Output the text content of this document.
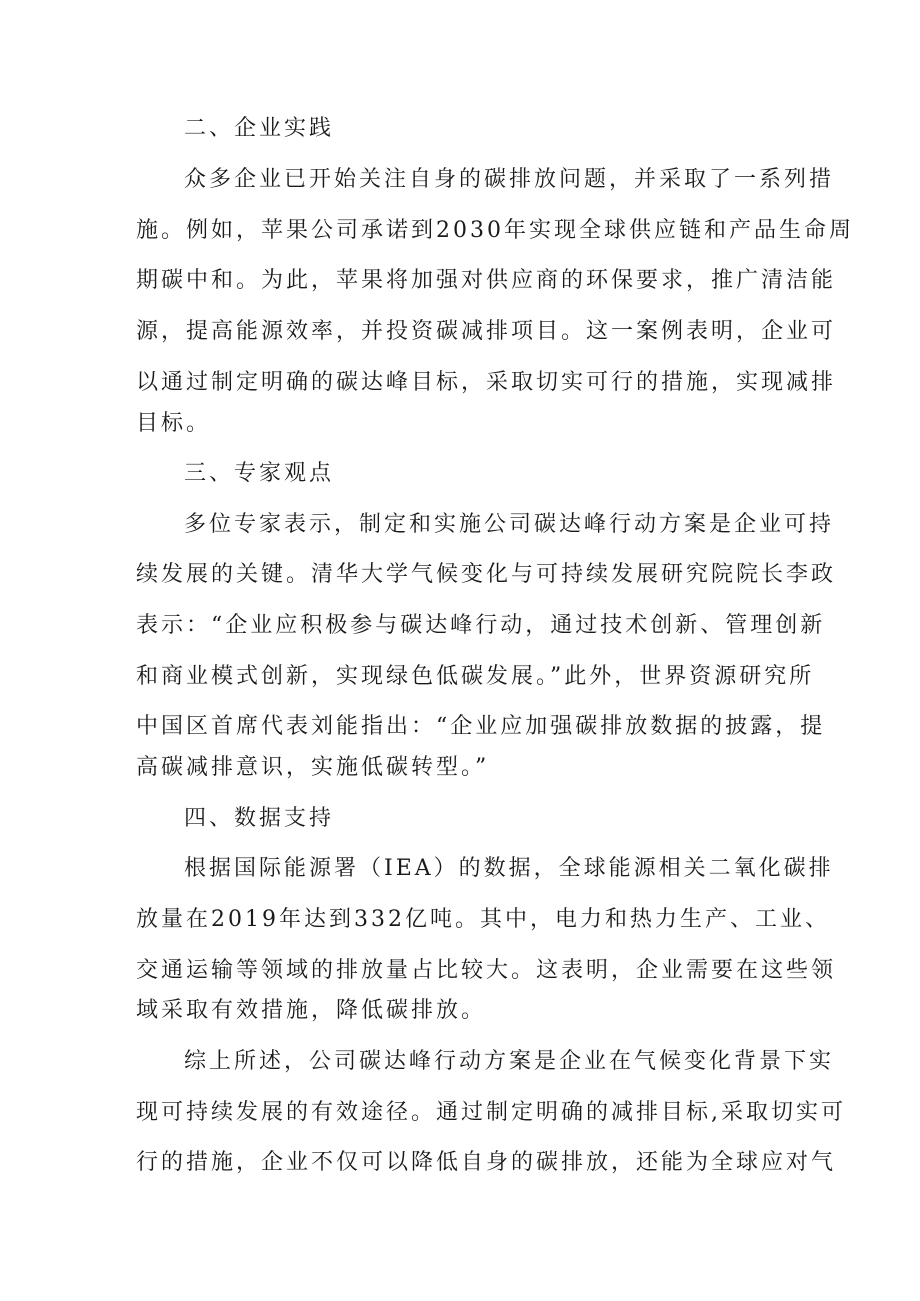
二、企业实践
众多企业已开始关注自身的碳排放问题，并采取了一系列措
施。例如，苹果公司承诺到2030年实现全球供应链和产品生命周
期碳中和。为此，苹果将加强对供应商的环保要求，推广清洁能
源，提高能源效率，并投资碳减排项目。这一案例表明，企业可
以通过制定明确的碳达峰目标，采取切实可行的措施，实现减排
目标。
三、专家观点
多位专家表示，制定和实施公司碳达峰行动方案是企业可持
续发展的关键。清华大学气候变化与可持续发展研究院院长李政
表示：“企业应积极参与碳达峰行动，通过技术创新、管理创新
和商业模式创新，实现绿色低碳发展。”此外，世界资源研究所
中国区首席代表刘能指出：“企业应加强碳排放数据的披露，提
高碳减排意识，实施低碳转型。”
四、数据支持
根据国际能源署（IEA）的数据，全球能源相关二氧化碳排
放量在2019年达到332亿吨。其中，电力和热力生产、工业、
交通运输等领域的排放量占比较大。这表明，企业需要在这些领
域采取有效措施，降低碳排放。
综上所述，公司碳达峰行动方案是企业在气候变化背景下实
现可持续发展的有效途径。通过制定明确的减排目标,采取切实可
行的措施，企业不仅可以降低自身的碳排放，还能为全球应对气
